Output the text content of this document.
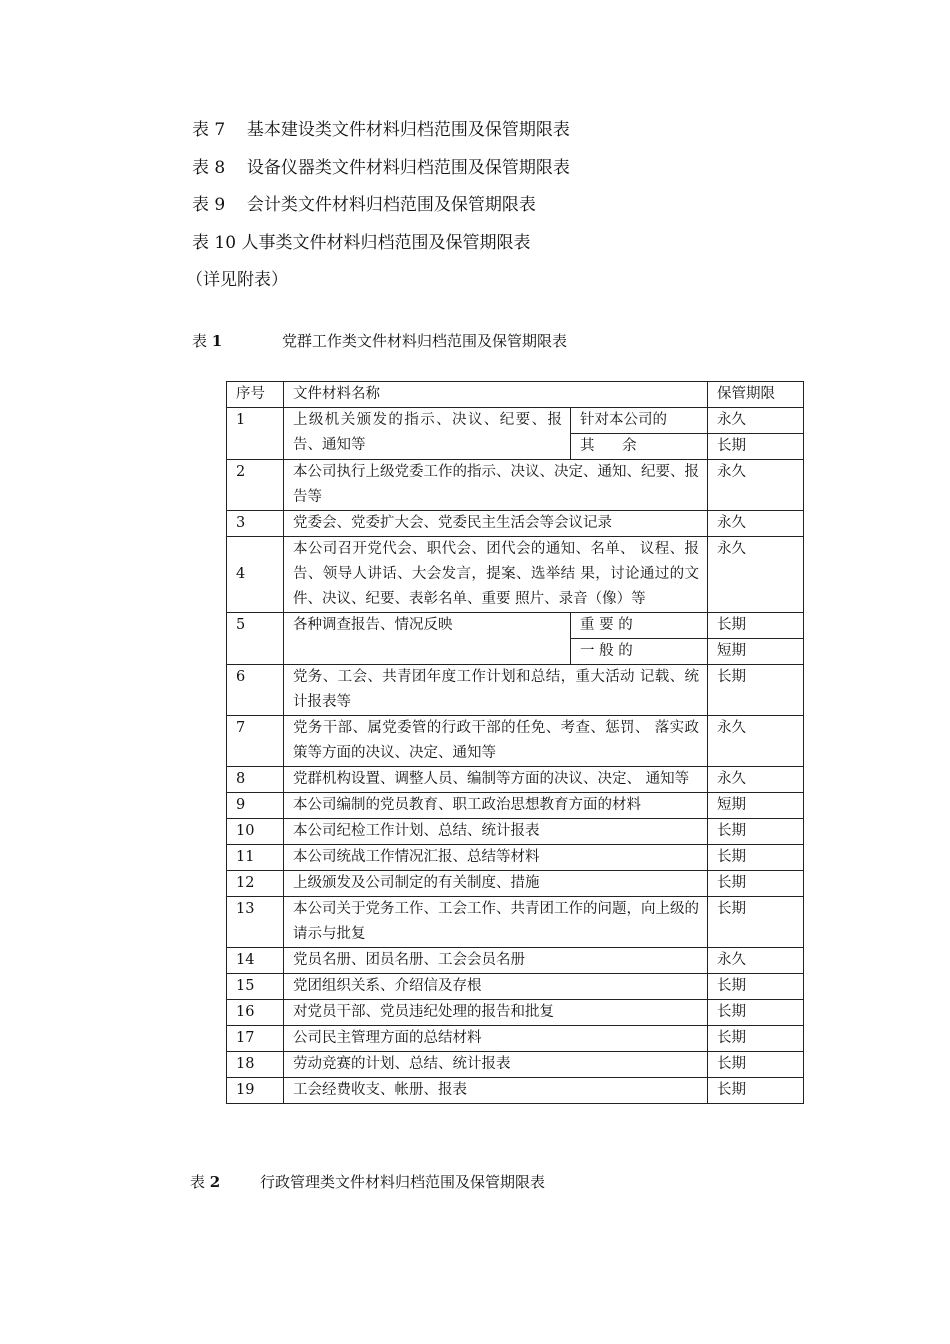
表 7    基本建设类文件材料归档范围及保管期限表
表 8    设备仪器类文件材料归档范围及保管期限表
表 9    会计类文件材料归档范围及保管期限表
表 10 人事类文件材料归档范围及保管期限表
（详见附表）
表 1	党群工作类文件材料归档范围及保管期限表
序号	文件材料名称		保管期限
1	上级机关颁发的指示、决议、纪要、报告、通知等	针对本公司的	永久
		其      余	长期
2	本公司执行上级党委工作的指示、决议、决定、通知、纪要、报告等		永久
3	党委会、党委扩大会、党委民主生活会等会议记录		永久
4	本公司召开党代会、职代会、团代会的通知、名单、 议程、报告、领导人讲话、大会发言，提案、选举结 果，讨论通过的文件、决议、纪要、表彰名单、重要 照片、录音（像）等		永久
5	各种调查报告、情况反映	重 要 的	长期
		一 般 的	短期
6	党务、工会、共青团年度工作计划和总结，重大活动 记载、统计报表等		长期
7	党务干部、属党委管的行政干部的任免、考查、惩罚、 落实政策等方面的决议、决定、通知等		永久
8	党群机构设置、调整人员、编制等方面的决议、决定、 通知等		永久
9	本公司编制的党员教育、职工政治思想教育方面的材料		短期
10	本公司纪检工作计划、总结、统计报表		长期
11	本公司统战工作情况汇报、总结等材料		长期
12	上级颁发及公司制定的有关制度、措施		长期
13	本公司关于党务工作、工会工作、共青团工作的问题，向上级的请示与批复		长期
14	党员名册、团员名册、工会会员名册		永久
15	党团组织关系、介绍信及存根		长期
16	对党员干部、党员违纪处理的报告和批复		长期
17	公司民主管理方面的总结材料		长期
18	劳动竞赛的计划、总结、统计报表		长期
19	工会经费收支、帐册、报表		长期
表 2	行政管理类文件材料归档范围及保管期限表
